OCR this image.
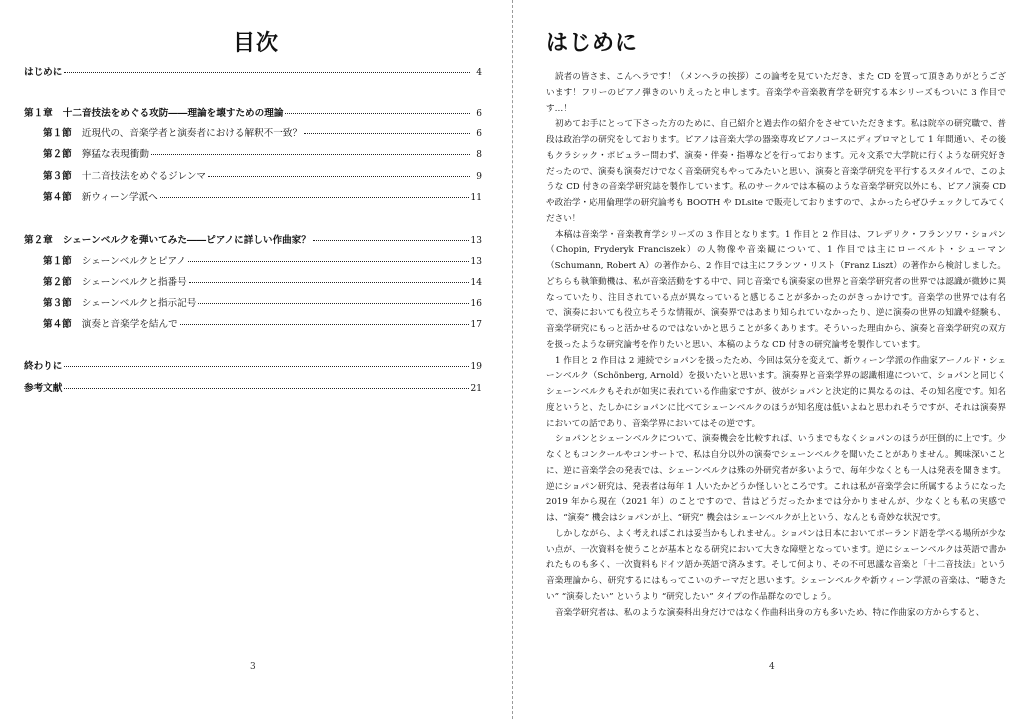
目次
はじめに	4
第１章 十二音技法をめぐる攻防――理論を壊すための理論	6
第１節 近現代の、音楽学者と演奏者における解釈不一致？	6
第２節 獰猛な表現衝動	8
第３節 十二音技法をめぐるジレンマ	9
第４節 新ウィーン学派へ	11
第２章 シェーンベルクを弾いてみた――ピアノに詳しい作曲家？	13
第１節 シェーンベルクとピアノ	13
第２節 シェーンベルクと指番号	14
第３節 シェーンベルクと指示記号	16
第４節 演奏と音楽学を結んで	17
終わりに	19
参考文献	21
3
はじめに

読者の皆さま、こんへラです！（メンヘラの挨拶）この論考を見ていただき、また CD を買って頂きありがとうございます！フリーのピアノ弾きのいりえったと申します。音楽学や音楽教育学を研究する本シリーズもついに 3 作目です…！

初めてお手にとって下さった方のために、自己紹介と過去作の紹介をさせていただきます。私は院卒の研究職で、普段は政治学の研究をしております。ピアノは音楽大学の器楽専攻ピアノコースにディプロマとして 1 年間通い、その後もクラシック・ポピュラー問わず、演奏・伴奏・指導などを行っております。元々文系で大学院に行くような研究好きだったので、演奏も演奏だけでなく音楽研究もやってみたいと思い、演奏と音楽学研究を平行するスタイルで、このような CD 付きの音楽学研究誌を製作しています。私のサークルでは本稿のような音楽学研究以外にも、ピアノ演奏 CD や政治学・応用倫理学の研究論考も BOOTH や DLsite で販売しておりますので、よかったらぜひチェックしてみてください！

本稿は音楽学・音楽教育学シリーズの 3 作目となります。1 作目と 2 作目は、フレデリク・フランソワ・ショパン（Chopin, Fryderyk Franciszek）の人物像や音楽観について、1 作目では主にローベルト・シューマン（Schumann, Robert A）の著作から、2 作目では主にフランツ・リスト（Franz Liszt）の著作から検討しました。どちらも執筆動機は、私が音楽活動をする中で、同じ音楽でも演奏家の世界と音楽学研究者の世界では認識が微妙に異なっていたり、注目されている点が異なっていると感じることが多かったのがきっかけです。音楽学の世界では有名で、演奏においても役立ちそうな情報が、演奏界ではあまり知られていなかったり、逆に演奏の世界の知識や経験も、音楽学研究にもっと活かせるのではないかと思うことが多くあります。そういった理由から、演奏と音楽学研究の双方を扱ったような研究論考を作りたいと思い、本稿のような CD 付きの研究論考を製作しています。

1 作目と 2 作目は 2 連続でショパンを扱ったため、今回は気分を変えて、新ウィーン学派の作曲家アーノルド・シェーンベルク（Schönberg, Arnold）を扱いたいと思います。演奏界と音楽学界の認識相違について、ショパンと同じくシェーンベルクもそれが如実に表れている作曲家ですが、彼がショパンと決定的に異なるのは、その知名度です。知名度というと、たしかにショパンに比べてシェーンベルクのほうが知名度は低いよねと思われそうですが、それは演奏界においての話であり、音楽学界においてはその逆です。

ショパンとシェーンベルクについて、演奏機会を比較すれば、いうまでもなくショパンのほうが圧倒的に上です。少なくともコンクールやコンサートで、私は自分以外の演奏でシェーンベルクを聞いたことがありません。興味深いことに、逆に音楽学会の発表では、シェーンベルクは殊の外研究者が多いようで、毎年少なくとも一人は発表を聞きます。逆にショパン研究は、発表者は毎年 1 人いたかどうか怪しいところです。これは私が音楽学会に所属するようになった 2019 年から現在（2021 年）のことですので、昔はどうだったかまでは分かりませんが、少なくとも私の実感では、“演奏” 機会はショパンが上、“研究” 機会はシェーンベルクが上という、なんとも奇妙な状況です。

しかしながら、よく考えればこれは妥当かもしれません。ショパンは日本においてポーランド語を学べる場所が少ない点が、一次資料を使うことが基本となる研究において大きな障壁となっています。逆にシェーンベルクは英語で書かれたものも多く、一次資料もドイツ語か英語で済みます。そして何より、その不可思議な音楽と「十二音技法」という音楽理論から、研究するにはもってこいのテーマだと思います。シェーンベルクや新ウィーン学派の音楽は、“聴きたい” “演奏したい” というより “研究したい” タイプの作品群なのでしょう。

音楽学研究者は、私のような演奏科出身だけではなく作曲科出身の方も多いため、特に作曲家の方からすると、

4
